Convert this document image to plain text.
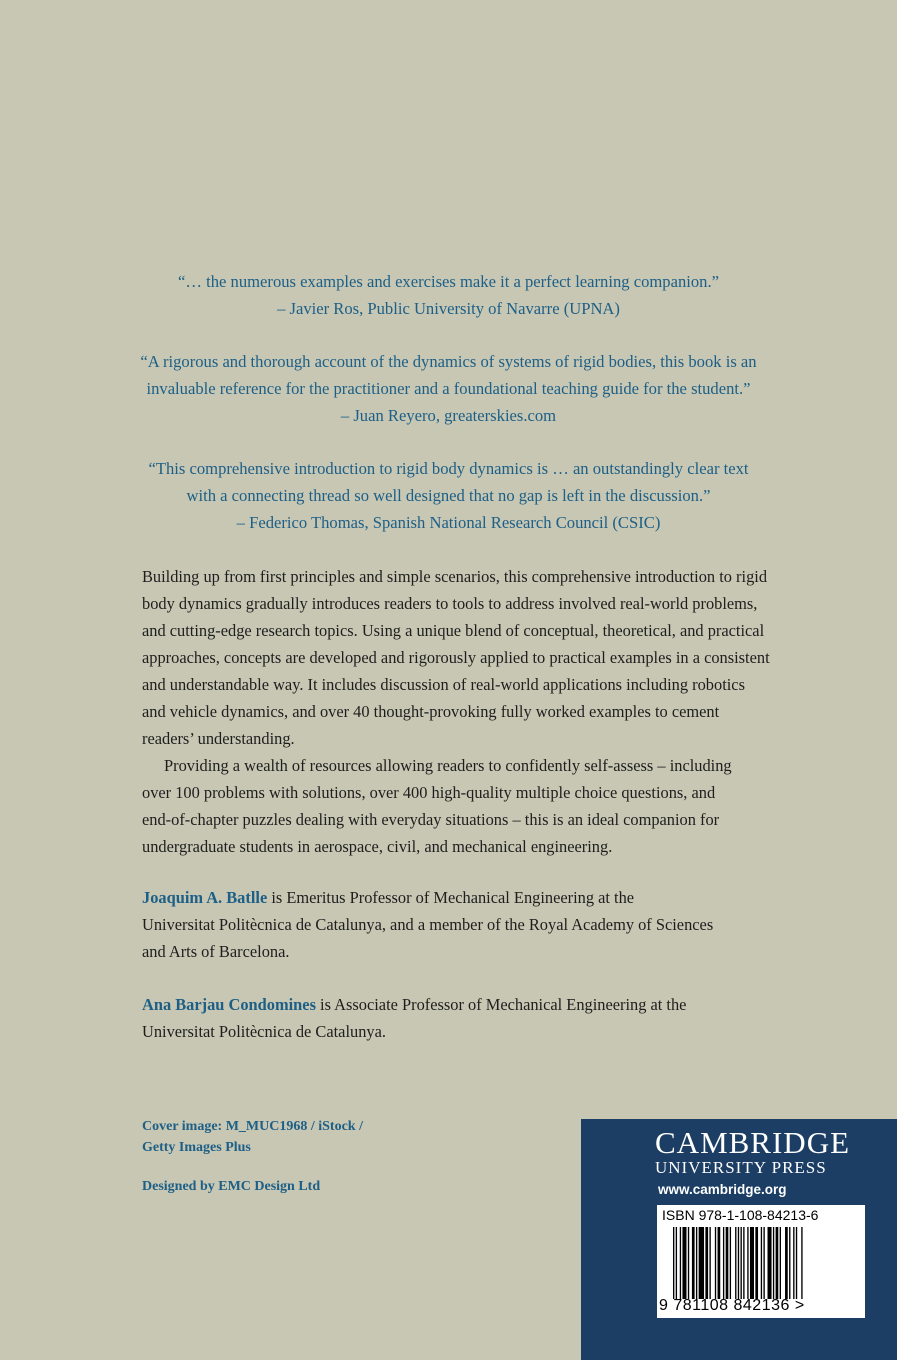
“… the numerous examples and exercises make it a perfect learning companion.”

– Javier Ros, Public University of Navarre (UPNA)

“A rigorous and thorough account of the dynamics of systems of rigid bodies, this book is an

invaluable reference for the practitioner and a foundational teaching guide for the student.”

– Juan Reyero, greaterskies.com

“This comprehensive introduction to rigid body dynamics is … an outstandingly clear text

with a connecting thread so well designed that no gap is left in the discussion.”

– Federico Thomas, Spanish National Research Council (CSIC)

Building up from first principles and simple scenarios, this comprehensive introduction to rigid

body dynamics gradually introduces readers to tools to address involved real-world problems,

and cutting-edge research topics. Using a unique blend of conceptual, theoretical, and practical

approaches, concepts are developed and rigorously applied to practical examples in a consistent

and understandable way. It includes discussion of real-world applications including robotics

and vehicle dynamics, and over 40 thought-provoking fully worked examples to cement

readers’ understanding.

Providing a wealth of resources allowing readers to confidently self-assess – including

over 100 problems with solutions, over 400 high-quality multiple choice questions, and

end-of-chapter puzzles dealing with everyday situations – this is an ideal companion for

undergraduate students in aerospace, civil, and mechanical engineering.

Joaquim A. Batlle is Emeritus Professor of Mechanical Engineering at the

Universitat Politècnica de Catalunya, and a member of the Royal Academy of Sciences

and Arts of Barcelona.

Ana Barjau Condomines is Associate Professor of Mechanical Engineering at the

Universitat Politècnica de Catalunya.

Cover image: M_MUC1968 / iStock /

Getty Images Plus

Designed by EMC Design Ltd

CAMBRIDGE
UNIVERSITY PRESS
www.cambridge.org
ISBN 978-1-108-84213-6
9 781108 842136 >
